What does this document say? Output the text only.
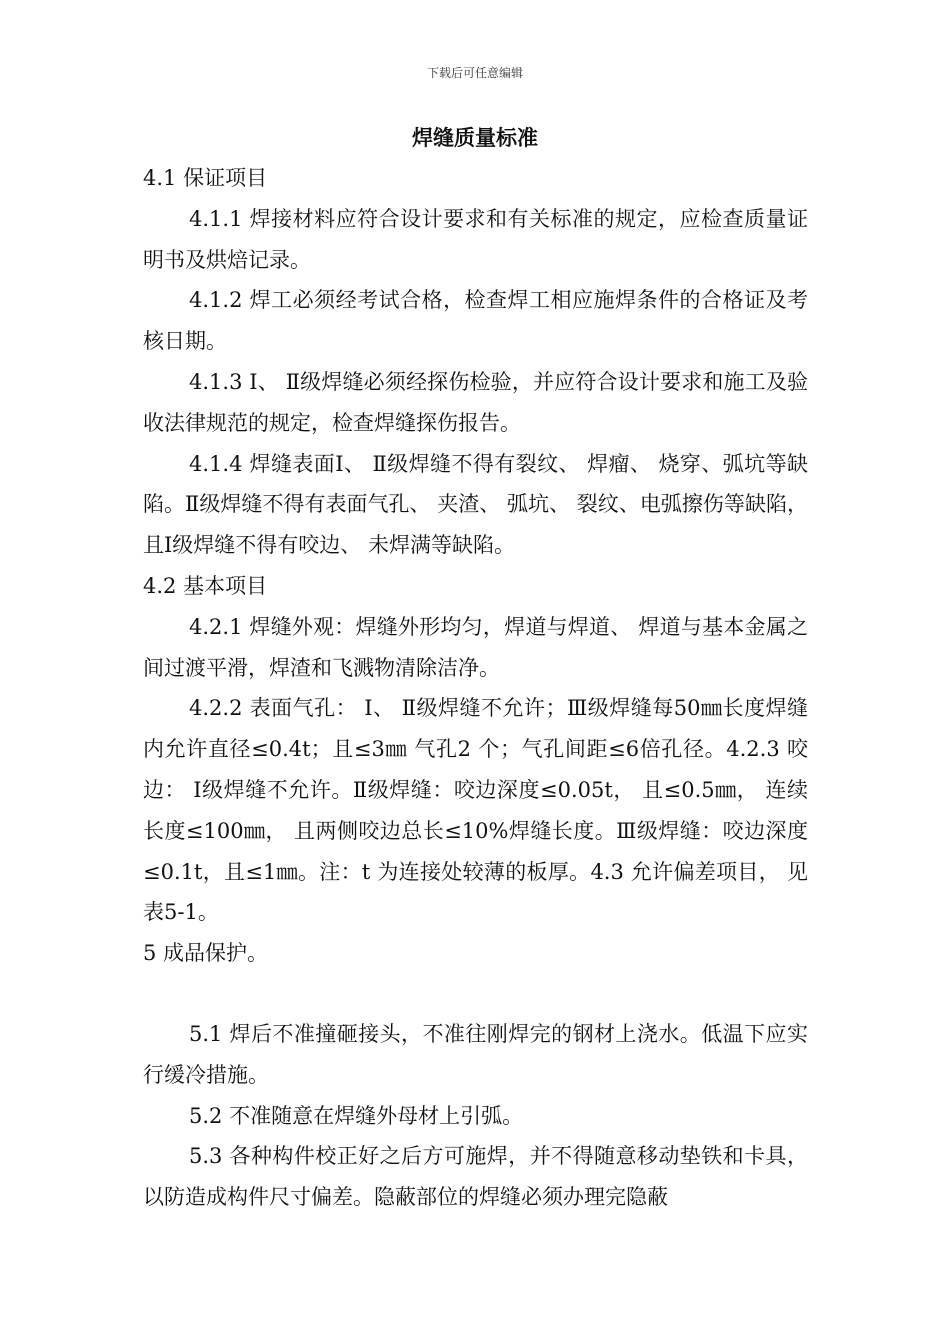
下载后可任意编辑
焊缝质量标准

4.1 保证项目

4.1.1 焊接材料应符合设计要求和有关标准的规定，应检查质量证明书及烘焙记录。

4.1.2 焊工必须经考试合格，检查焊工相应施焊条件的合格证及考核日期。

4.1.3 Ⅰ、 Ⅱ级焊缝必须经探伤检验，并应符合设计要求和施工及验收法律规范的规定，检查焊缝探伤报告。

4.1.4 焊缝表面Ⅰ、 Ⅱ级焊缝不得有裂纹、 焊瘤、 烧穿、弧坑等缺陷。Ⅱ级焊缝不得有表面气孔、 夹渣、 弧坑、 裂纹、电弧擦伤等缺陷，且Ⅰ级焊缝不得有咬边、 未焊满等缺陷。

4.2 基本项目

4.2.1 焊缝外观：焊缝外形均匀，焊道与焊道、 焊道与基本金属之间过渡平滑，焊渣和飞溅物清除洁净。

4.2.2 表面气孔： Ⅰ、 Ⅱ级焊缝不允许；Ⅲ级焊缝每50㎜长度焊缝内允许直径≤0.4t；且≤3㎜ 气孔2 个；气孔间距≤6倍孔径。4.2.3 咬边： Ⅰ级焊缝不允许。Ⅱ级焊缝：咬边深度≤0.05t， 且≤0.5㎜， 连续长度≤100㎜， 且两侧咬边总长≤10%焊缝长度。Ⅲ级焊缝：咬边深度≤0.1t，且≤1㎜。注：t 为连接处较薄的板厚。4.3 允许偏差项目， 见表5-1。

5 成品保护。

5.1 焊后不准撞砸接头，不准往刚焊完的钢材上浇水。低温下应实行缓冷措施。

5.2 不准随意在焊缝外母材上引弧。

5.3 各种构件校正好之后方可施焊，并不得随意移动垫铁和卡具，以防造成构件尺寸偏差。隐蔽部位的焊缝必须办理完隐蔽
